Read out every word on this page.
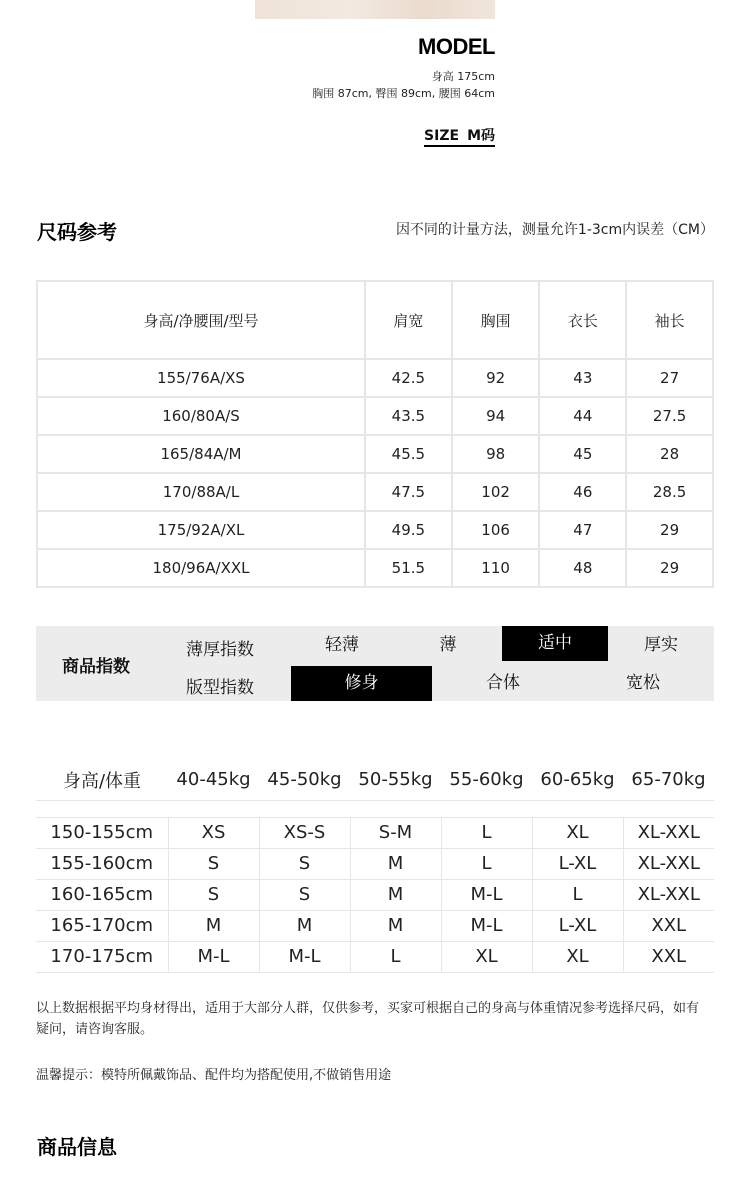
MODEL
身高 175cm
胸围 87cm, 臀围 89cm, 腰围 64cm
SIZE M码
尺码参考	因不同的计量方法，测量允许1-3cm内误差（CM）
身高/净腰围/型号	肩宽	胸围	衣长	袖长
155/76A/XS	42.5	92	43	27
160/80A/S	43.5	94	44	27.5
165/84A/M	45.5	98	45	28
170/88A/L	47.5	102	46	28.5
175/92A/XL	49.5	106	47	29
180/96A/XXL	51.5	110	48	29
商品指数
薄厚指数	轻薄	薄	适中	厚实
版型指数	修身	合体	宽松
身高/体重	40-45kg	45-50kg	50-55kg	55-60kg	60-65kg	65-70kg

150-155cm	XS	XS-S	S-M	L	XL	XL-XXL
155-160cm	S	S	M	L	L-XL	XL-XXL
160-165cm	S	S	M	M-L	L	XL-XXL
165-170cm	M	M	M	M-L	L-XL	XXL
170-175cm	M-L	M-L	L	XL	XL	XXL
以上数据根据平均身材得出，适用于大部分人群，仅供参考，买家可根据自己的身高与体重情况参考选择尺码，如有疑问，请咨询客服。
温馨提示：模特所佩戴饰品、配件均为搭配使用,不做销售用途
商品信息
